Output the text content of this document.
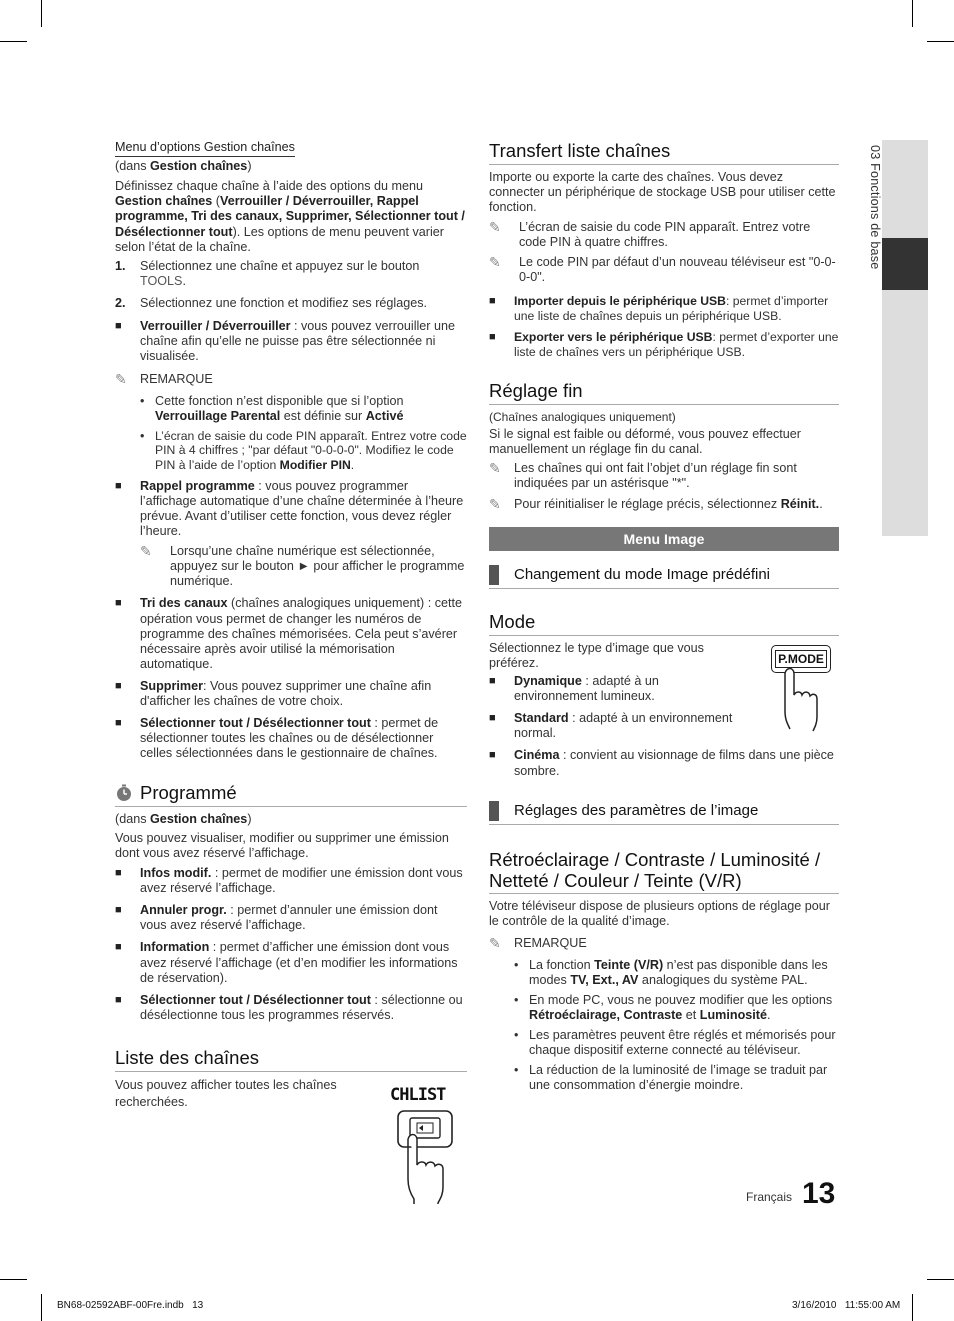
03 Fonctions de base
Menu d’options Gestion chaînes

(dans Gestion chaînes)

Définissez chaque chaîne à l’aide des options du menu Gestion chaînes (Verrouiller / Déverrouiller, Rappel programme, Tri des canaux, Supprimer, Sélectionner tout / Désélectionner tout). Les options de menu peuvent varier selon l’état de la chaîne.

1.	Sélectionnez une chaîne et appuyez sur le bouton TOOLS.
2.	Sélectionnez une fonction et modifiez ses réglages.
■	Verrouiller / Déverrouiller : vous pouvez verrouiller une chaîne afin qu’elle ne puisse pas être sélectionnée ni visualisée.
✎	REMARQUE
• Cette fonction n’est disponible que si l’option Verrouillage Parental est définie sur Activé
• L’écran de saisie du code PIN apparaît. Entrez votre code PIN à 4 chiffres ; "par défaut "0-0-0-0". Modifiez le code PIN à l’aide de l’option Modifier PIN.
■	Rappel programme : vous pouvez programmer l’affichage automatique d’une chaîne déterminée à l’heure prévue. Avant d’utiliser cette fonction, vous devez régler l’heure.
✎	Lorsqu’une chaîne numérique est sélectionnée, appuyez sur le bouton ► pour afficher le programme numérique.
■	Tri des canaux (chaînes analogiques uniquement) : cette opération vous permet de changer les numéros de programme des chaînes mémorisées. Cela peut s’avérer nécessaire après avoir utilisé la mémorisation automatique.
■	Supprimer: Vous pouvez supprimer une chaîne afin d'afficher les chaînes de votre choix.
■	Sélectionner tout / Désélectionner tout : permet de sélectionner toutes les chaînes ou de désélectionner celles sélectionnées dans le gestionnaire de chaînes.
Programmé

(dans Gestion chaînes)

Vous pouvez visualiser, modifier ou supprimer une émission dont vous avez réservé l’affichage.

■	Infos modif. : permet de modifier une émission dont vous avez réservé l’affichage.
■	Annuler progr. : permet d’annuler une émission dont vous avez réservé l’affichage.
■	Information : permet d’afficher une émission dont vous avez réservé l’affichage (et d’en modifier les informations de réservation).
■	Sélectionner tout / Désélectionner tout : sélectionne ou désélectionne tous les programmes réservés.
Liste des chaînes

Vous pouvez afficher toutes les chaînes recherchées.	CHLIST
Transfert liste chaînes

Importe ou exporte la carte des chaînes. Vous devez connecter un périphérique de stockage USB pour utiliser cette fonction.

✎	L’écran de saisie du code PIN apparaît. Entrez votre code PIN à quatre chiffres.
✎	Le code PIN par défaut d’un nouveau téléviseur est "0-0-0-0".
■	Importer depuis le périphérique USB: permet d’importer une liste de chaînes depuis un périphérique USB.
■	Exporter vers le périphérique USB: permet d’exporter une liste de chaînes vers un périphérique USB.
Réglage fin

(Chaînes analogiques uniquement)

Si le signal est faible ou déformé, vous pouvez effectuer manuellement un réglage fin du canal.

✎	Les chaînes qui ont fait l’objet d’un réglage fin sont indiquées par un astérisque "*".
✎	Pour réinitialiser le réglage précis, sélectionnez Réinit..
Menu Image
Changement du mode Image prédéfini
Mode

Sélectionnez le type d’image que vous préférez.

■	Dynamique : adapté à un environnement lumineux.
■	Standard : adapté à un environnement normal.
■	Cinéma : convient au visionnage de films dans une pièce sombre.
P.MODE
Réglages des paramètres de l’image
Rétroéclairage / Contraste / Luminosité / Netteté / Couleur / Teinte (V/R)

Votre téléviseur dispose de plusieurs options de réglage pour le contrôle de la qualité d’image.

✎	REMARQUE
• La fonction Teinte (V/R) n’est pas disponible dans les modes TV, Ext., AV analogiques du système PAL.
• En mode PC, vous ne pouvez modifier que les options Rétroéclairage, Contraste et Luminosité.
• Les paramètres peuvent être réglés et mémorisés pour chaque dispositif externe connecté au téléviseur.
• La réduction de la luminosité de l’image se traduit par une consommation d’énergie moindre.
Français 13
BN68-02592ABF-00Fre.indb   13	3/16/2010   11:55:00 AM
